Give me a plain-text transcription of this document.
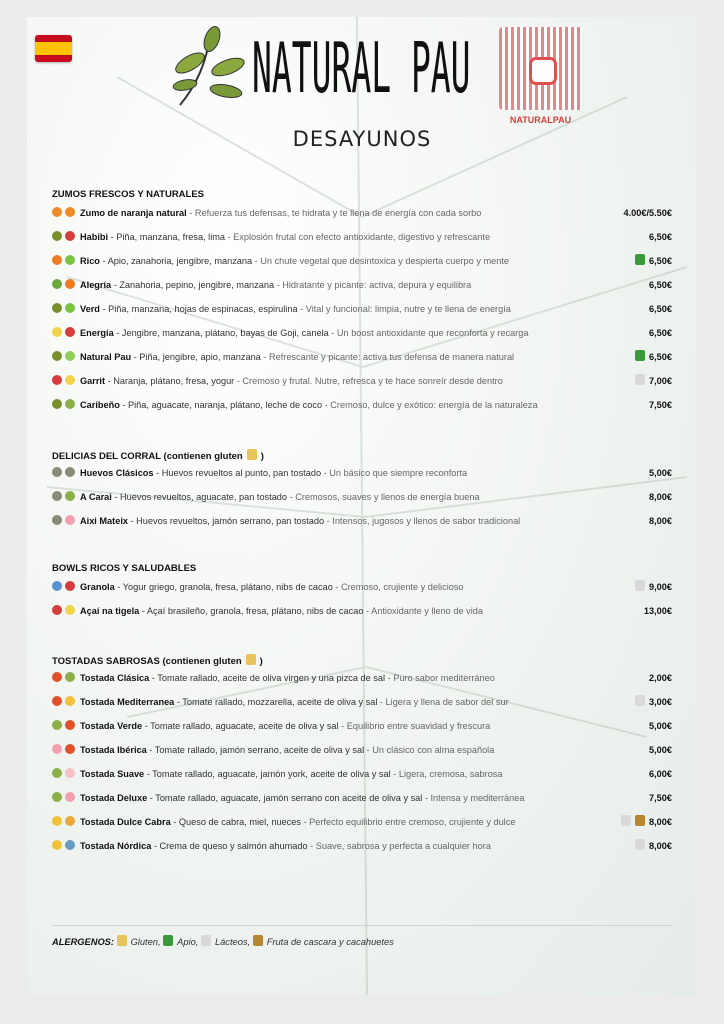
NATURAL PAU
NATURALPAU
DESAYUNOS
ZUMOS FRESCOS Y NATURALES
Zumo de naranja natural - Refuerza tus defensas, te hidrata y te llena de energía con cada sorbo	4.00€/5.50€
Habibi - Piña, manzana, fresa, lima - Explosión frutal con efecto antioxidante, digestivo y refrescante	6,50€
Rico - Apio, zanahoria, jengibre, manzana - Un chute vegetal que desintoxica y despierta cuerpo y mente	6,50€
Alegría - Zanahoria, pepino, jengibre, manzana - Hidratante y picante: activa, depura y equilibra	6,50€
Verd - Piña, manzana, hojas de espinacas, espirulina - Vital y funcional: limpia, nutre y te llena de energía	6,50€
Energía - Jengibre, manzana, plátano, bayas de Goji, canela - Un boost antioxidante que reconforta y recarga	6,50€
Natural Pau - Piña, jengibre, apio, manzana - Refrescante y picante: activa tus defensa de manera natural	6,50€
Garrit - Naranja, plátano, fresa, yogur - Cremoso y frutal. Nutre, refresca y te hace sonreír desde dentro	7,00€
Caribeño - Piña, aguacate, naranja, plátano, leche de coco - Cremoso, dulce y exótico: energía de la naturaleza	7,50€
DELICIAS DEL CORRAL (contienen gluten )
Huevos Clásicos - Huevos revueltos al punto, pan tostado - Un básico que siempre reconforta	5,00€
A Carai - Huevos revueltos, aguacate, pan tostado - Cremosos, suaves y llenos de energía buena	8,00€
Aixi Mateix - Huevos revueltos, jamón serrano, pan tostado - Intensos, jugosos y llenos de sabor tradicional	8,00€
BOWLS RICOS Y SALUDABLES
Granola - Yogur griego, granola, fresa, plátano, nibs de cacao - Cremoso, crujiente y delicioso	9,00€
Açaí na tigela - Açaí brasileño, granola, fresa, plátano, nibs de cacao - Antioxidante y lleno de vida	13,00€
TOSTADAS SABROSAS (contienen gluten )
Tostada Clásica - Tomate rallado, aceite de oliva virgen y una pizca de sal - Puro sabor mediterráneo	2,00€
Tostada Mediterranea - Tomate rallado, mozzarella, aceite de oliva y sal - Ligera y llena de sabor del sur	3,00€
Tostada Verde - Tomate rallado, aguacate, aceite de oliva y sal - Equilibrio entre suavidad y frescura	5,00€
Tostada Ibérica - Tomate rallado, jamón serrano, aceite de oliva y sal - Un clásico con alma española	5,00€
Tostada Suave - Tomate rallado, aguacate, jamón york, aceite de oliva y sal - Ligera, cremosa, sabrosa	6,00€
Tostada Deluxe - Tomate rallado, aguacate, jamón serrano con aceite de oliva y sal - Intensa y mediterránea	7,50€
Tostada Dulce Cabra - Queso de cabra, miel, nueces - Perfecto equilibrio entre cremoso, crujiente y dulce	8,00€
Tostada Nórdica - Crema de queso y salmón ahumado - Suave, sabrosa y perfecta a cualquier hora	8,00€
ALERGENOS: Gluten, Apio, Lácteos, Fruta de cascara y cacahuetes
